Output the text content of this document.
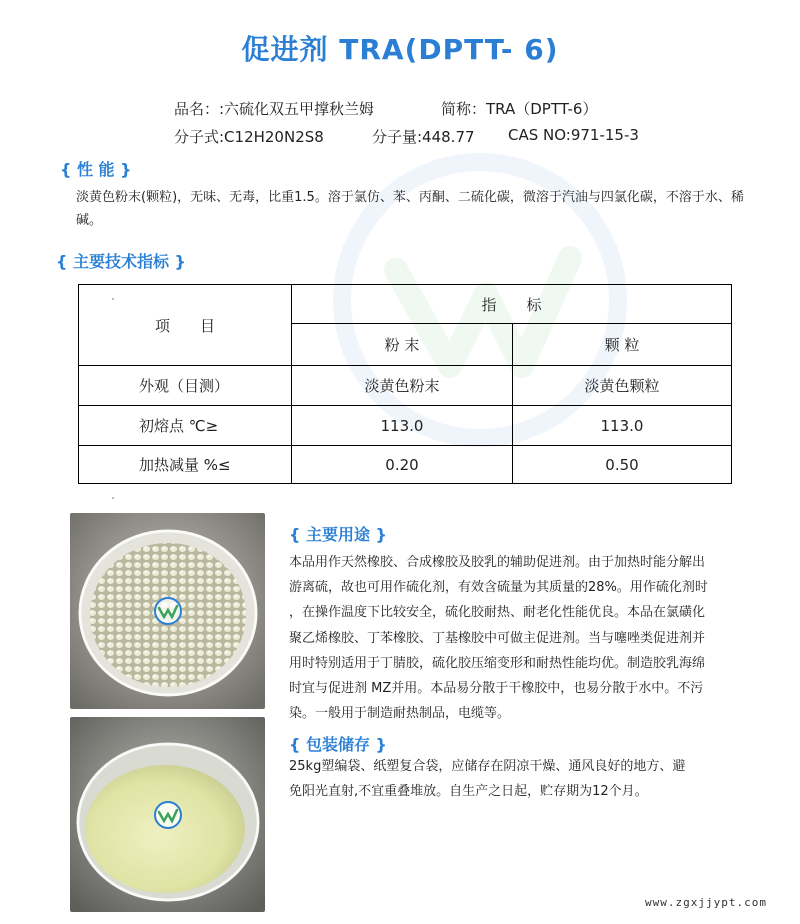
促进剂 TRA(DPTT- 6)
品名：:六硫化双五甲撑秋兰姆	简称：TRA（DPTT-6）
分子式:C12H20N2S8	分子量:448.77 CAS NO:971-15-3
{ 性 能 }
淡黄色粉末(颗粒)，无味、无毒，比重1.5。溶于氯仿、苯、丙酮、二硫化碳，微溶于汽油与四氯化碳，不溶于水、稀碱。
{ 主要技术指标 }
项　　目	指　　标	
	粉 末	颗 粒
外观（目测）	淡黄色粉末	淡黄色颗粒
初熔点 ℃≥	113.0	113.0
加热减量 %≤	0.20	0.50
{ 主要用途 }
本品用作天然橡胶、合成橡胶及胶乳的辅助促进剂。由于加热时能分解出
游离硫，故也可用作硫化剂，有效含硫量为其质量的28%。用作硫化剂时
，在操作温度下比较安全，硫化胶耐热、耐老化性能优良。本品在氯磺化
聚乙烯橡胶、丁苯橡胶、丁基橡胶中可做主促进剂。当与噻唑类促进剂并
用时特别适用于丁腈胶，硫化胶压缩变形和耐热性能均优。制造胶乳海绵
时宜与促进剂 MZ并用。本品易分散于干橡胶中，也易分散于水中。不污
染。一般用于制造耐热制品，电缆等。
{ 包装储存 }
25kg塑编袋、纸塑复合袋，应储存在阴凉干燥、通风良好的地方、避
免阳光直射,不宜重叠堆放。自生产之日起，贮存期为12个月。
www.zgxjjypt.com
